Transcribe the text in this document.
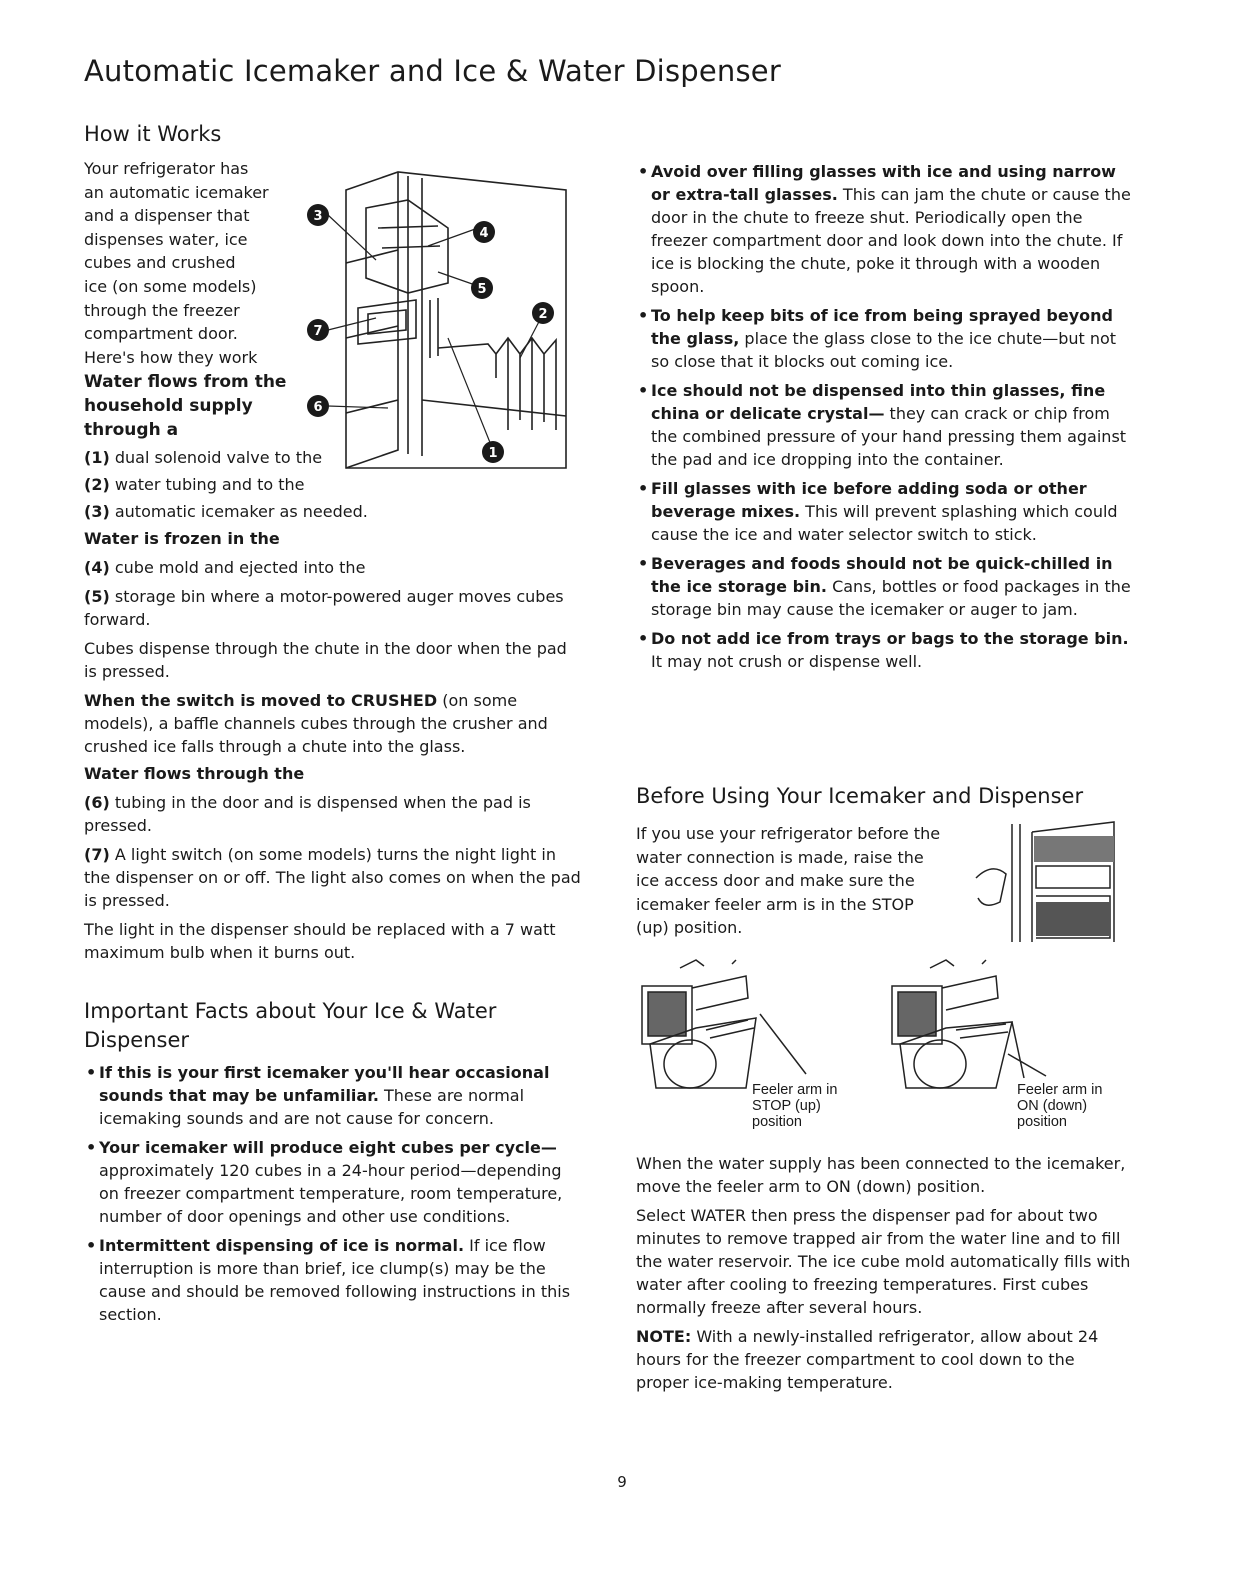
Automatic Icemaker and Ice & Water Dispenser
How it Works
Your refrigerator has
an automatic icemaker
and a dispenser that
dispenses water, ice
cubes and crushed
ice (on some models)
through the freezer
compartment door.
Here's how they work
Water flows from the
household supply
through a

(1) dual solenoid valve to the

(2) water tubing and to the

(3) automatic icemaker as needed.

Water is frozen in the

(4) cube mold and ejected into the

(5) storage bin where a motor-powered auger moves cubes forward.

Cubes dispense through the chute in the door when the pad is pressed.

When the switch is moved to CRUSHED (on some models), a baffle channels cubes through the crusher and crushed ice falls through a chute into the glass.

Water flows through the

(6) tubing in the door and is dispensed when the pad is pressed.

(7) A light switch (on some models) turns the night light in the dispenser on or off. The light also comes on when the pad is pressed.

The light in the dispenser should be replaced with a 7 watt maximum bulb when it burns out.

Important Facts about Your Ice & Water
Dispenser
• If this is your first icemaker you'll hear occasional sounds that may be unfamiliar. These are normal icemaking sounds and are not cause for concern.
• Your icemaker will produce eight cubes per cycle— approximately 120 cubes in a 24-hour period—depending on freezer compartment temperature, room temperature, number of door openings and other use conditions.
• Intermittent dispensing of ice is normal. If ice flow interruption is more than brief, ice clump(s) may be the cause and should be removed following instructions in this section.
3
4
5
2
7
6
1
• Avoid over filling glasses with ice and using narrow or extra-tall glasses. This can jam the chute or cause the door in the chute to freeze shut. Periodically open the freezer compartment door and look down into the chute. If ice is blocking the chute, poke it through with a wooden spoon.
• To help keep bits of ice from being sprayed beyond the glass, place the glass close to the ice chute—but not so close that it blocks out coming ice.
• Ice should not be dispensed into thin glasses, fine china or delicate crystal— they can crack or chip from the combined pressure of your hand pressing them against the pad and ice dropping into the container.
• Fill glasses with ice before adding soda or other beverage mixes. This will prevent splashing which could cause the ice and water selector switch to stick.
• Beverages and foods should not be quick-chilled in the ice storage bin. Cans, bottles or food packages in the storage bin may cause the icemaker or auger to jam.
• Do not add ice from trays or bags to the storage bin. It may not crush or dispense well.
Before Using Your Icemaker and Dispenser
If you use your refrigerator before the
water connection is made, raise the
ice access door and make sure the
icemaker feeler arm is in the STOP
(up) position.
Feeler arm in
STOP (up)
position
Feeler arm in
ON (down)
position

When the water supply has been connected to the icemaker, move the feeler arm to ON (down) position.

Select WATER then press the dispenser pad for about two minutes to remove trapped air from the water line and to fill the water reservoir. The ice cube mold automatically fills with water after cooling to freezing temperatures. First cubes normally freeze after several hours.

NOTE: With a newly-installed refrigerator, allow about 24 hours for the freezer compartment to cool down to the proper ice-making temperature.

9
